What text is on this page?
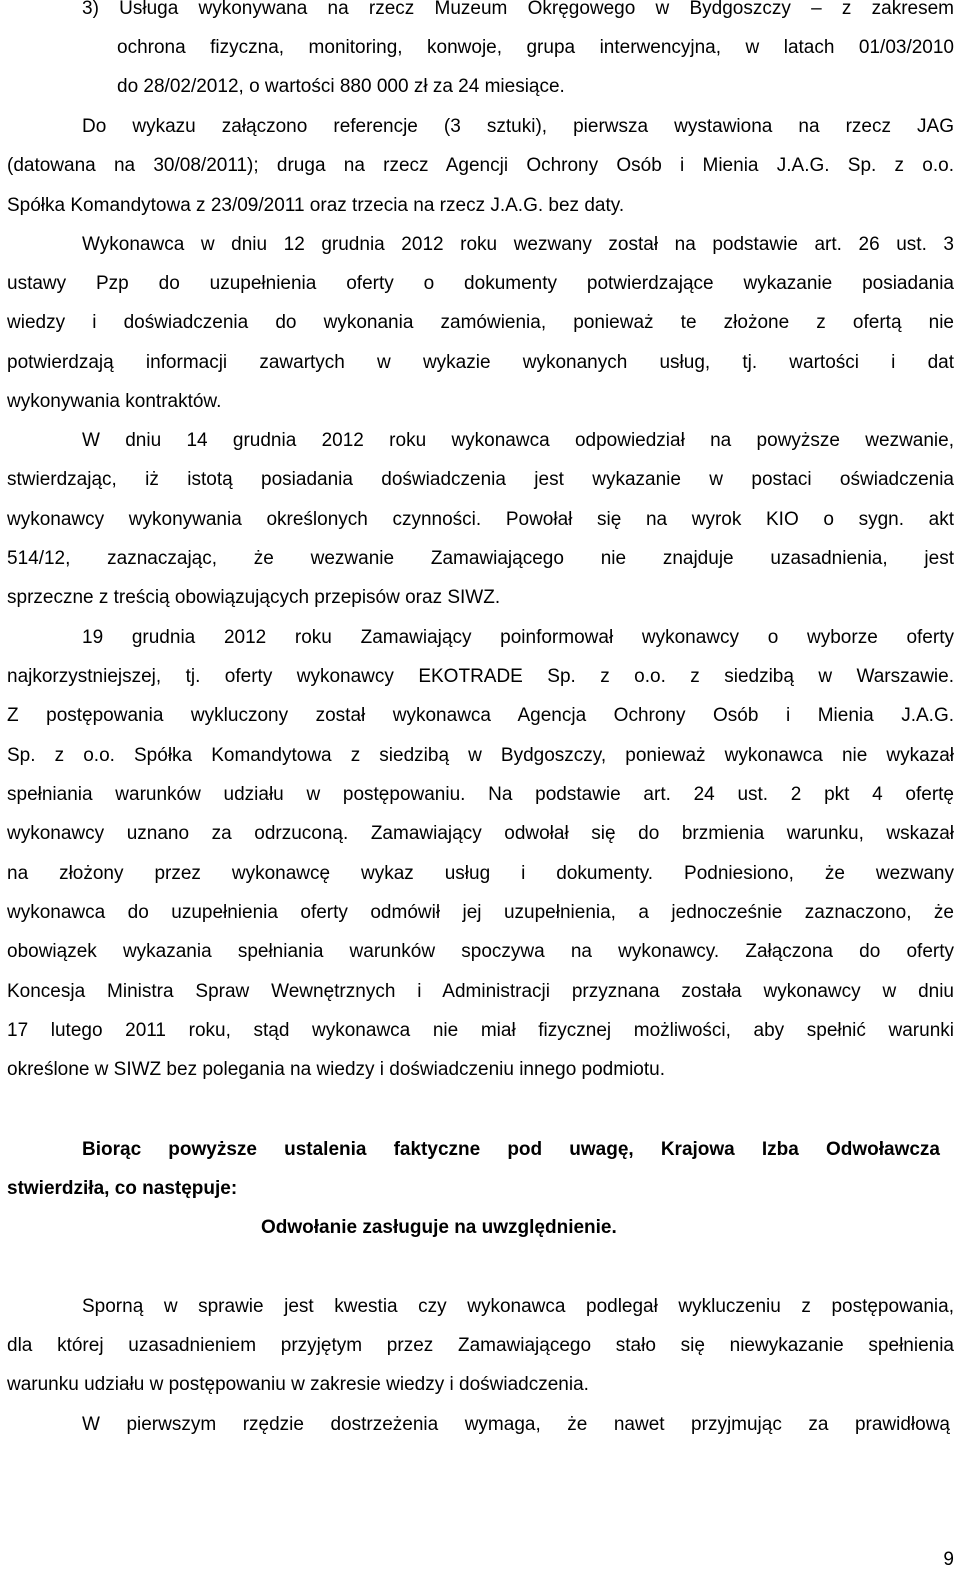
3) Usługa wykonywana na rzecz Muzeum Okręgowego w Bydgoszczy – z zakresem
ochrona fizyczna, monitoring, konwoje, grupa interwencyjna, w latach 01/03/2010
do 28/02/2012, o wartości 880 000 zł za 24 miesiące.
Do wykazu załączono referencje (3 sztuki), pierwsza wystawiona na rzecz JAG
(datowana na 30/08/2011); druga na rzecz Agencji Ochrony Osób i Mienia J.A.G. Sp. z o.o.
Spółka Komandytowa z 23/09/2011 oraz trzecia na rzecz J.A.G. bez daty.
Wykonawca w dniu 12 grudnia 2012 roku wezwany został na podstawie art. 26 ust. 3
ustawy Pzp do uzupełnienia oferty o dokumenty potwierdzające wykazanie posiadania
wiedzy i doświadczenia do wykonania zamówienia, ponieważ te złożone z ofertą nie
potwierdzają informacji zawartych w wykazie wykonanych usług, tj. wartości i dat
wykonywania kontraktów.
W dniu 14 grudnia 2012 roku wykonawca odpowiedział na powyższe wezwanie,
stwierdzając, iż istotą posiadania doświadczenia jest wykazanie w postaci oświadczenia
wykonawcy wykonywania określonych czynności. Powołał się na wyrok KIO o sygn. akt
514/12, zaznaczając, że wezwanie Zamawiającego nie znajduje uzasadnienia, jest
sprzeczne z treścią obowiązujących przepisów oraz SIWZ.
19 grudnia 2012 roku Zamawiający poinformował wykonawcy o wyborze oferty
najkorzystniejszej, tj. oferty wykonawcy EKOTRADE Sp. z o.o. z siedzibą w Warszawie.
Z postępowania wykluczony został wykonawca Agencja Ochrony Osób i Mienia J.A.G.
Sp. z o.o. Spółka Komandytowa z siedzibą w Bydgoszczy, ponieważ wykonawca nie wykazał
spełniania warunków udziału w postępowaniu. Na podstawie art. 24 ust. 2 pkt 4 ofertę
wykonawcy uznano za odrzuconą. Zamawiający odwołał się do brzmienia warunku, wskazał
na złożony przez wykonawcę wykaz usług i dokumenty. Podniesiono, że wezwany
wykonawca do uzupełnienia oferty odmówił jej uzupełnienia, a jednocześnie zaznaczono, że
obowiązek wykazania spełniania warunków spoczywa na wykonawcy. Załączona do oferty
Koncesja Ministra Spraw Wewnętrznych i Administracji przyznana została wykonawcy w dniu
17 lutego 2011 roku, stąd wykonawca nie miał fizycznej możliwości, aby spełnić warunki
określone w SIWZ bez polegania na wiedzy i doświadczeniu innego podmiotu.
Biorąc powyższe ustalenia faktyczne pod uwagę, Krajowa Izba Odwoławcza
stwierdziła, co następuje:
Odwołanie zasługuje na uwzględnienie.
Sporną w sprawie jest kwestia czy wykonawca podlegał wykluczeniu z postępowania,
dla której uzasadnieniem przyjętym przez Zamawiającego stało się niewykazanie spełnienia
warunku udziału w postępowaniu w zakresie wiedzy i doświadczenia.
W pierwszym rzędzie dostrzeżenia wymaga, że nawet przyjmując za prawidłową
9
